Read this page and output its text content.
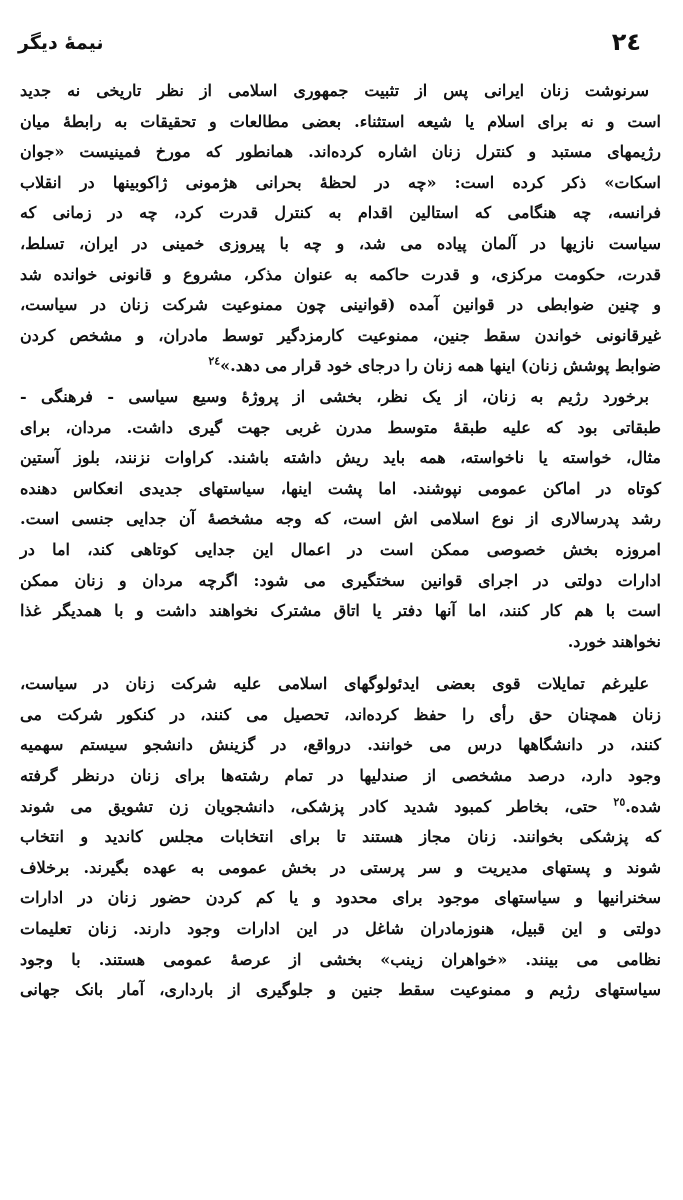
٢٤
نیمهٔ دیگر
سرنوشت زنان ایرانی پس از تثبیت جمهوری اسلامی از نظر تاریخی نه جدید
است و نه برای اسلام یا شیعه استثناء. بعضی مطالعات و تحقیقات به رابطهٔ میان
رژیمهای مستبد و کنترل زنان اشاره کرده‌اند. همانطور که مورخ فمینیست «جوان
اسکات» ذکر کرده است: «چه در لحظهٔ بحرانی هژمونی ژاکوبینها در انقلاب
فرانسه، چه هنگامی که استالین اقدام به کنترل قدرت کرد، چه در زمانی که
سیاست نازیها در آلمان پیاده می شد، و چه با پیروزی خمینی در ایران، تسلط،
قدرت، حکومت مرکزی، و قدرت حاکمه به عنوان مذکر، مشروع و قانونی خوانده شد
و چنین ضوابطی در قوانین آمده (قوانینی چون ممنوعیت شرکت زنان در سیاست،
غیرقانونی خواندن سقط جنین، ممنوعیت کارمزدگیر توسط مادران، و مشخص کردن
ضوابط پوشش زنان) اینها همه زنان را درجای خود قرار می دهد.»$^{٢٤}$
برخورد رژیم به زنان، از یک نظر، بخشی از پروژهٔ وسیع سیاسی - فرهنگی -
طبقاتی بود که علیه طبقهٔ متوسط مدرن غربی جهت گیری داشت. مردان، برای
مثال، خواسته یا ناخواسته، همه باید ریش داشته باشند. کراوات نزنند، بلوز آستین
کوتاه در اماکن عمومی نپوشند. اما پشت اینها، سیاستهای جدیدی انعکاس دهنده
رشد پدرسالاری از نوع اسلامی اش است، که وجه مشخصهٔ آن جدایی جنسی است.
امروزه بخش خصوصی ممکن است در اعمال این جدایی کوتاهی کند، اما در
ادارات دولتی در اجرای قوانین سختگیری می شود: اگرچه مردان و زنان ممکن
است با هم کار کنند، اما آنها دفتر یا اتاق مشترک نخواهند داشت و با همدیگر غذا
نخواهند خورد.
علیرغم تمایلات قوی بعضی ایدئولوگهای اسلامی علیه شرکت زنان در سیاست،
زنان همچنان حق رأی را حفظ کرده‌اند، تحصیل می کنند، در کنکور شرکت می
کنند، در دانشگاهها درس می خوانند. درواقع، در گزینش دانشجو سیستم سهمیه
وجود دارد، درصد مشخصی از صندلیها در تمام رشته‌ها برای زنان درنظر گرفته
شده.$^{٢٥}$ حتی، بخاطر کمبود شدید کادر پزشکی، دانشجویان زن تشویق می شوند
که پزشکی بخوانند. زنان مجاز هستند تا برای انتخابات مجلس کاندید و انتخاب
شوند و پستهای مدیریت و سر پرستی در بخش عمومی به عهده بگیرند. برخلاف
سخنرانیها و سیاستهای موجود برای محدود و یا کم کردن حضور زنان در ادارات
دولتی و این قبیل، هنوزمادران شاغل در این ادارات وجود دارند. زنان تعلیمات
نظامی می بینند. «خواهران زینب» بخشی از عرصهٔ عمومی هستند. با وجود
سیاستهای رژیم و ممنوعیت سقط جنین و جلوگیری از بارداری، آمار بانک جهانی
